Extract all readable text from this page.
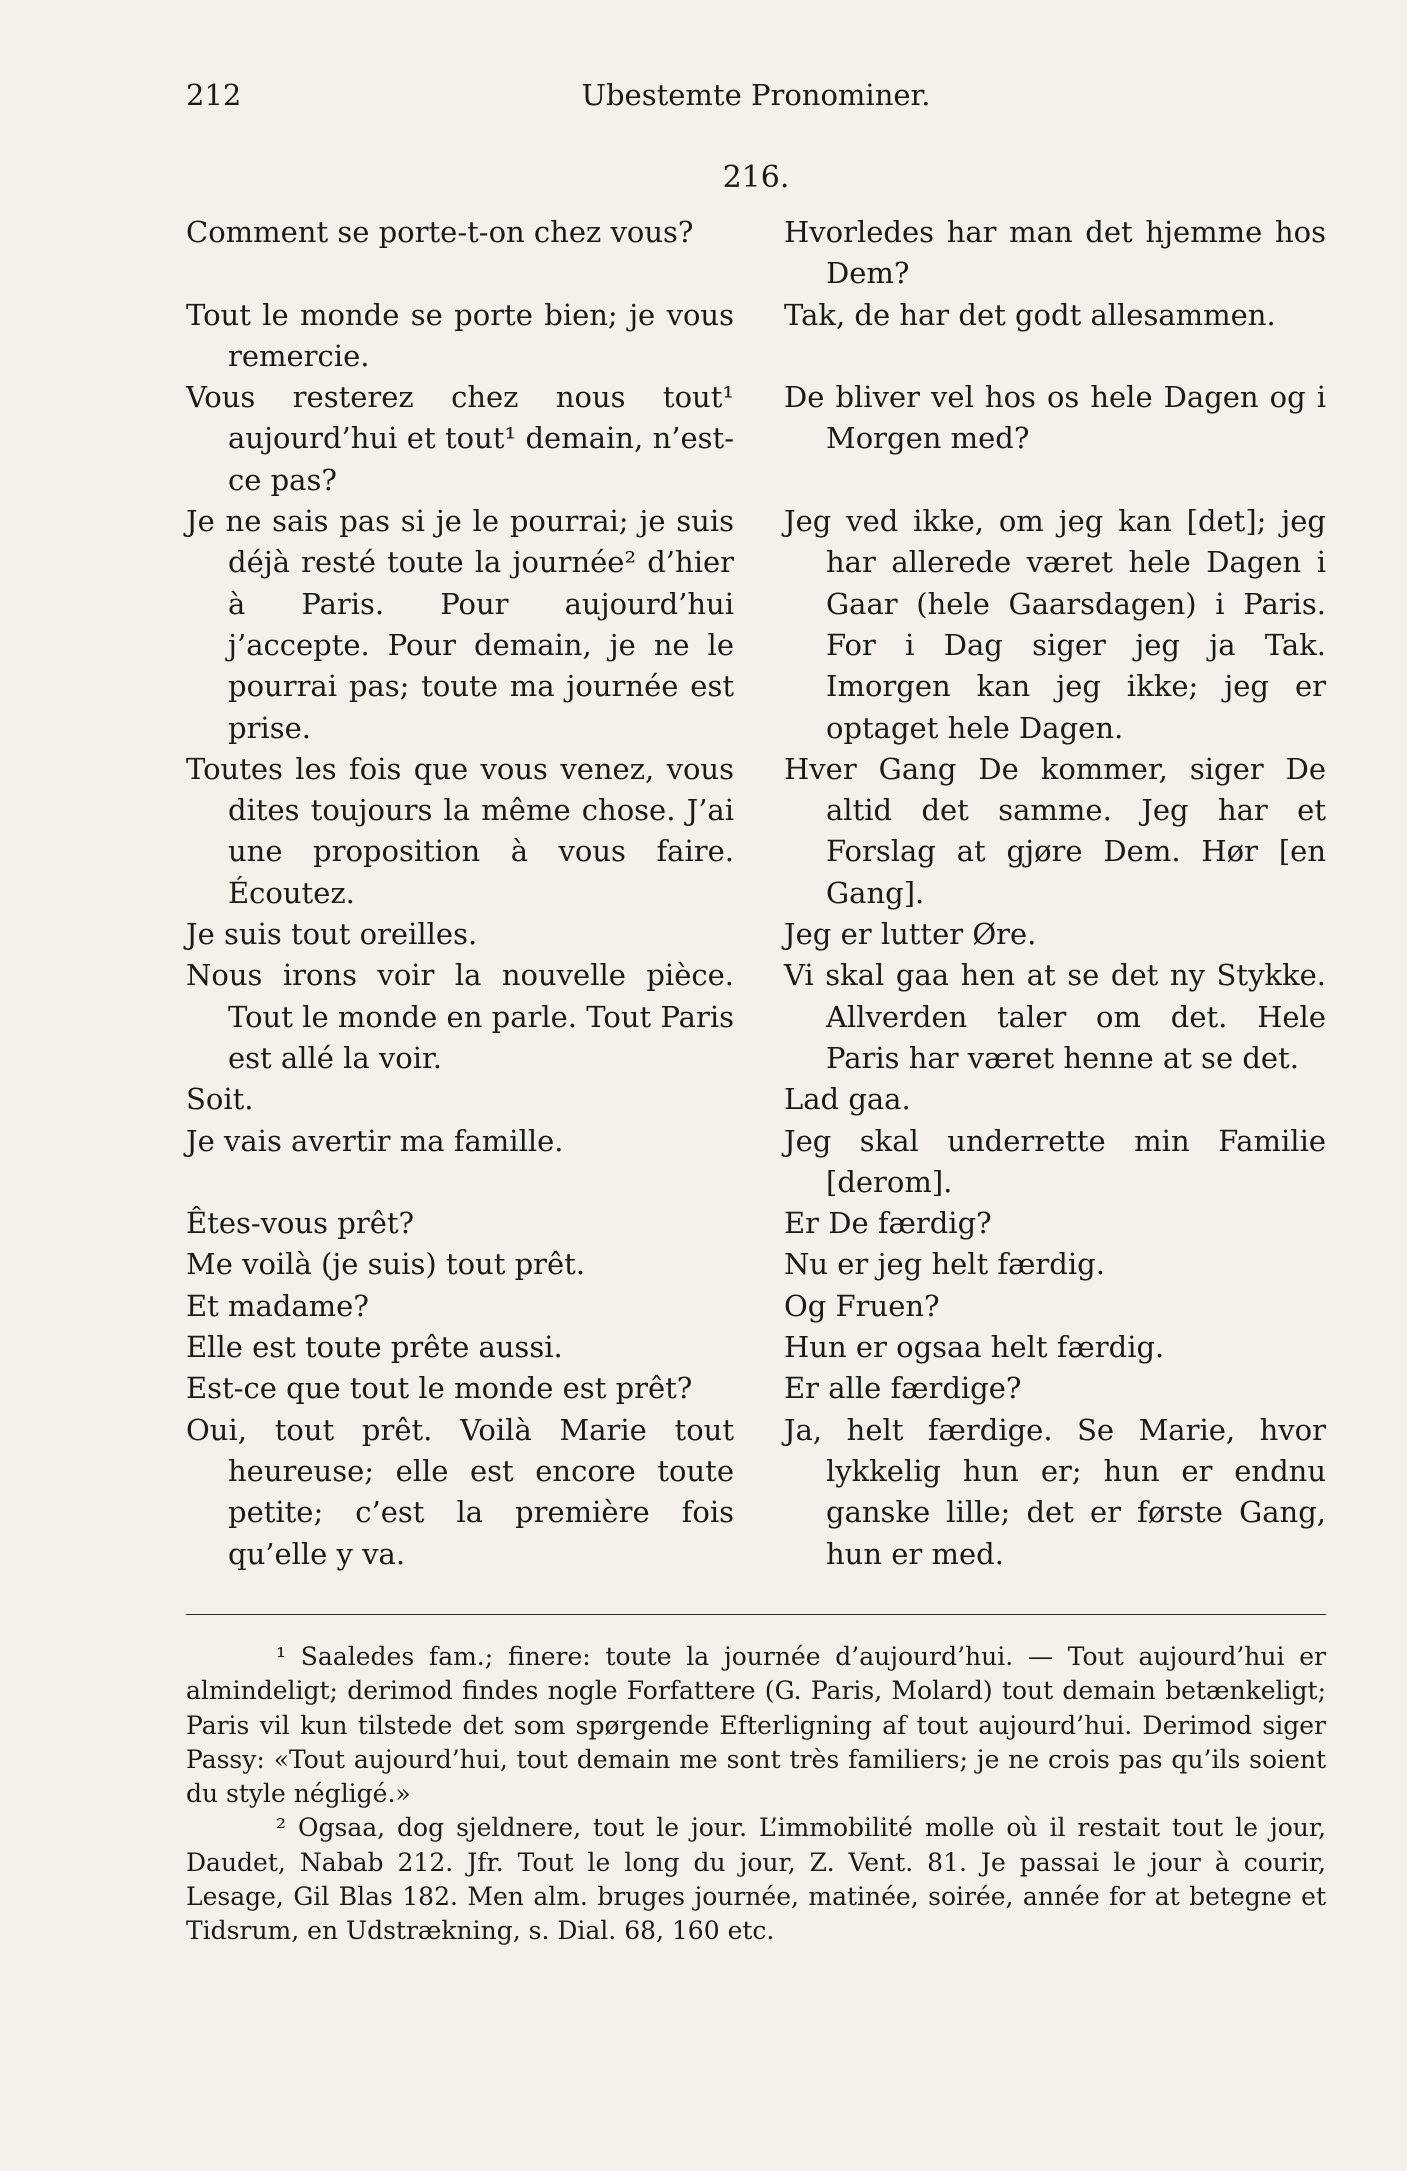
212	Ubestemte Pronominer.
216.

Comment se porte-t-on chez vous?

Tout le monde se porte bien; je vous remercie.

Vous resterez chez nous tout¹ aujourd’hui et tout¹ demain, n’est-ce pas?

Je ne sais pas si je le pourrai; je suis déjà resté toute la journée² d’hier à Paris. Pour aujourd’hui j’accepte. Pour demain, je ne le pourrai pas; toute ma journée est prise.

Toutes les fois que vous venez, vous dites toujours la même chose. J’ai une proposition à vous faire. Écoutez.

Je suis tout oreilles.

Nous irons voir la nouvelle pièce. Tout le monde en parle. Tout Paris est allé la voir.

Soit.

Je vais avertir ma famille.

Êtes-vous prêt?

Me voilà (je suis) tout prêt.

Et madame?

Elle est toute prête aussi.

Est-ce que tout le monde est prêt?

Oui, tout prêt. Voilà Marie tout heureuse; elle est encore toute petite; c’est la première fois qu’elle y va.

Hvorledes har man det hjemme hos Dem?

Tak, de har det godt allesammen.

De bliver vel hos os hele Dagen og i Morgen med?

Jeg ved ikke, om jeg kan [det]; jeg har allerede været hele Dagen i Gaar (hele Gaarsdagen) i Paris. For i Dag siger jeg ja Tak. Imorgen kan jeg ikke; jeg er optaget hele Dagen.

Hver Gang De kommer, siger De altid det samme. Jeg har et Forslag at gjøre Dem. Hør [en Gang].

Jeg er lutter Øre.

Vi skal gaa hen at se det ny Stykke. Allverden taler om det. Hele Paris har været henne at se det.

Lad gaa.

Jeg skal underrette min Familie [derom].

Er De færdig?

Nu er jeg helt færdig.

Og Fruen?

Hun er ogsaa helt færdig.

Er alle færdige?

Ja, helt færdige. Se Marie, hvor lykkelig hun er; hun er endnu ganske lille; det er første Gang, hun er med.

¹ Saaledes fam.; finere: toute la journée d’aujourd’hui. — Tout aujourd’hui er almindeligt; derimod findes nogle Forfattere (G. Paris, Molard) tout demain betænkeligt; Paris vil kun tilstede det som spørgende Efterligning af tout aujourd’hui. Derimod siger Passy: «Tout aujourd’hui, tout demain me sont très familiers; je ne crois pas qu’ils soient du style négligé.»

² Ogsaa, dog sjeldnere, tout le jour. L’immobilité molle où il restait tout le jour, Daudet, Nabab 212. Jfr. Tout le long du jour, Z. Vent. 81. Je passai le jour à courir, Lesage, Gil Blas 182. Men alm. bruges journée, matinée, soirée, année for at betegne et Tidsrum, en Udstrækning, s. Dial. 68, 160 etc.
